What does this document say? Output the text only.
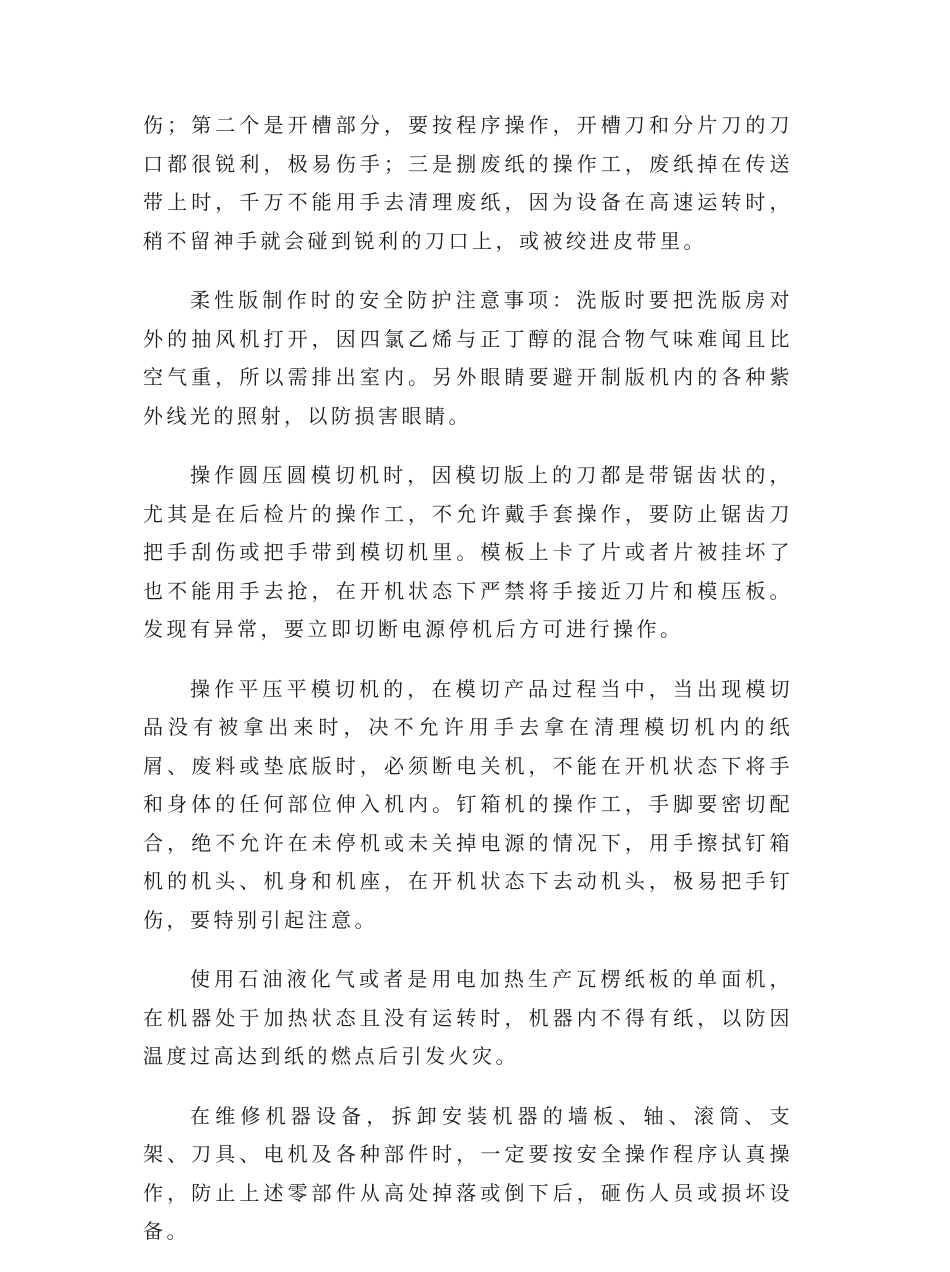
伤；第二个是开槽部分，要按程序操作，开槽刀和分片刀的刀口都很锐利，极易伤手；三是捌废纸的操作工，废纸掉在传送带上时，千万不能用手去清理废纸，因为设备在高速运转时，稍不留神手就会碰到锐利的刀口上，或被绞进皮带里。

柔性版制作时的安全防护注意事项：洗版时要把洗版房对外的抽风机打开，因四氯乙烯与正丁醇的混合物气味难闻且比空气重，所以需排出室内。另外眼睛要避开制版机内的各种紫外线光的照射，以防损害眼睛。

操作圆压圆模切机时，因模切版上的刀都是带锯齿状的，尤其是在后检片的操作工，不允许戴手套操作，要防止锯齿刀把手刮伤或把手带到模切机里。模板上卡了片或者片被挂坏了也不能用手去抢，在开机状态下严禁将手接近刀片和模压板。发现有异常，要立即切断电源停机后方可进行操作。

操作平压平模切机的，在模切产品过程当中，当出现模切品没有被拿出来时，决不允许用手去拿在清理模切机内的纸屑、废料或垫底版时，必须断电关机，不能在开机状态下将手和身体的任何部位伸入机内。钉箱机的操作工，手脚要密切配合，绝不允许在未停机或未关掉电源的情况下，用手擦拭钉箱机的机头、机身和机座，在开机状态下去动机头，极易把手钉伤，要特别引起注意。

使用石油液化气或者是用电加热生产瓦楞纸板的单面机，在机器处于加热状态且没有运转时，机器内不得有纸，以防因温度过高达到纸的燃点后引发火灾。

在维修机器设备，拆卸安装机器的墙板、轴、滚筒、支架、刀具、电机及各种部件时，一定要按安全操作程序认真操作，防止上述零部件从高处掉落或倒下后，砸伤人员或损坏设备。
